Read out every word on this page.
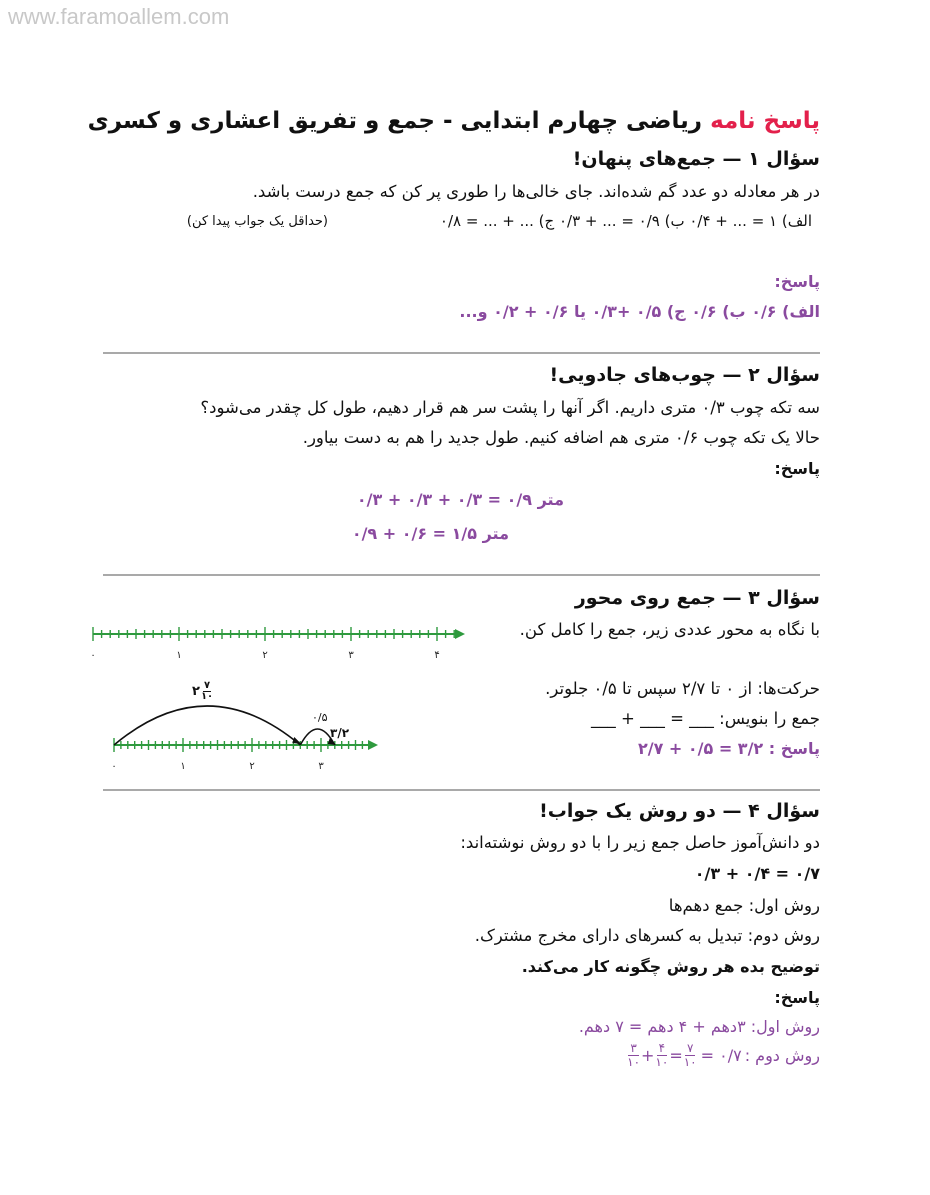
www.faramoallem.com
پاسخ نامه ریاضی چهارم ابتدایی - جمع و تفریق اعشاری و کسری
سؤال ۱ — جمع‌های پنهان!
در هر معادله دو عدد گم شده‌اند. جای خالی‌ها را طوری پر کن که جمع درست باشد.
الف) ۱ = ... + ۰/۴ ب) ۰/۹ = ... + ۰/۳ ج) ... + ... = ۰/۸
(حداقل یک جواب پیدا کن)
پاسخ:
الف) ۰/۶ ب) ۰/۶ ج) ۰/۵ +۰/۳ یا ۰/۶ + ۰/۲ و...
سؤال ۲ — چوب‌های جادویی!
سه تکه چوب ۰/۳ متری داریم. اگر آنها را پشت سر هم قرار دهیم، طول کل چقدر می‌شود؟
حالا یک تکه چوب ۰/۶ متری هم اضافه کنیم. طول جدید را هم به دست بیاور.
پاسخ:
متر ۰/۹ = ۰/۳ + ۰/۳ + ۰/۳
متر ۱/۵ = ۰/۶ + ۰/۹
سؤال ۳ — جمع روی محور
با نگاه به محور عددی زیر، جمع را کامل کن.
حرکت‌ها: از ۰ تا ۲/۷ سپس تا ۰/۵ جلوتر.
جمع را بنویس: ___ = ___ + ___
پاسخ : ۳/۲ = ۰/۵ + ۲/۷
۰	۱	۲	۳	۴
۰	۱	۲	۳
۲ ۷
۱۰
۰/۵
۳/۲
سؤال ۴ — دو روش یک جواب!
دو دانش‌آموز حاصل جمع زیر را با دو روش نوشته‌اند:
۰/۷ = ۰/۴ + ۰/۳
روش اول: جمع دهم‌ها
روش دوم: تبدیل به کسرهای دارای مخرج مشترک.
توضیح بده هر روش چگونه کار می‌کند.
پاسخ:
روش اول: ۳دهم + ۴ دهم = ۷ دهم.
روش دوم :
$\frac{۳}{۱۰} + \frac{۴}{۱۰} = \frac{۷}{۱۰}$ = ۰/۷
